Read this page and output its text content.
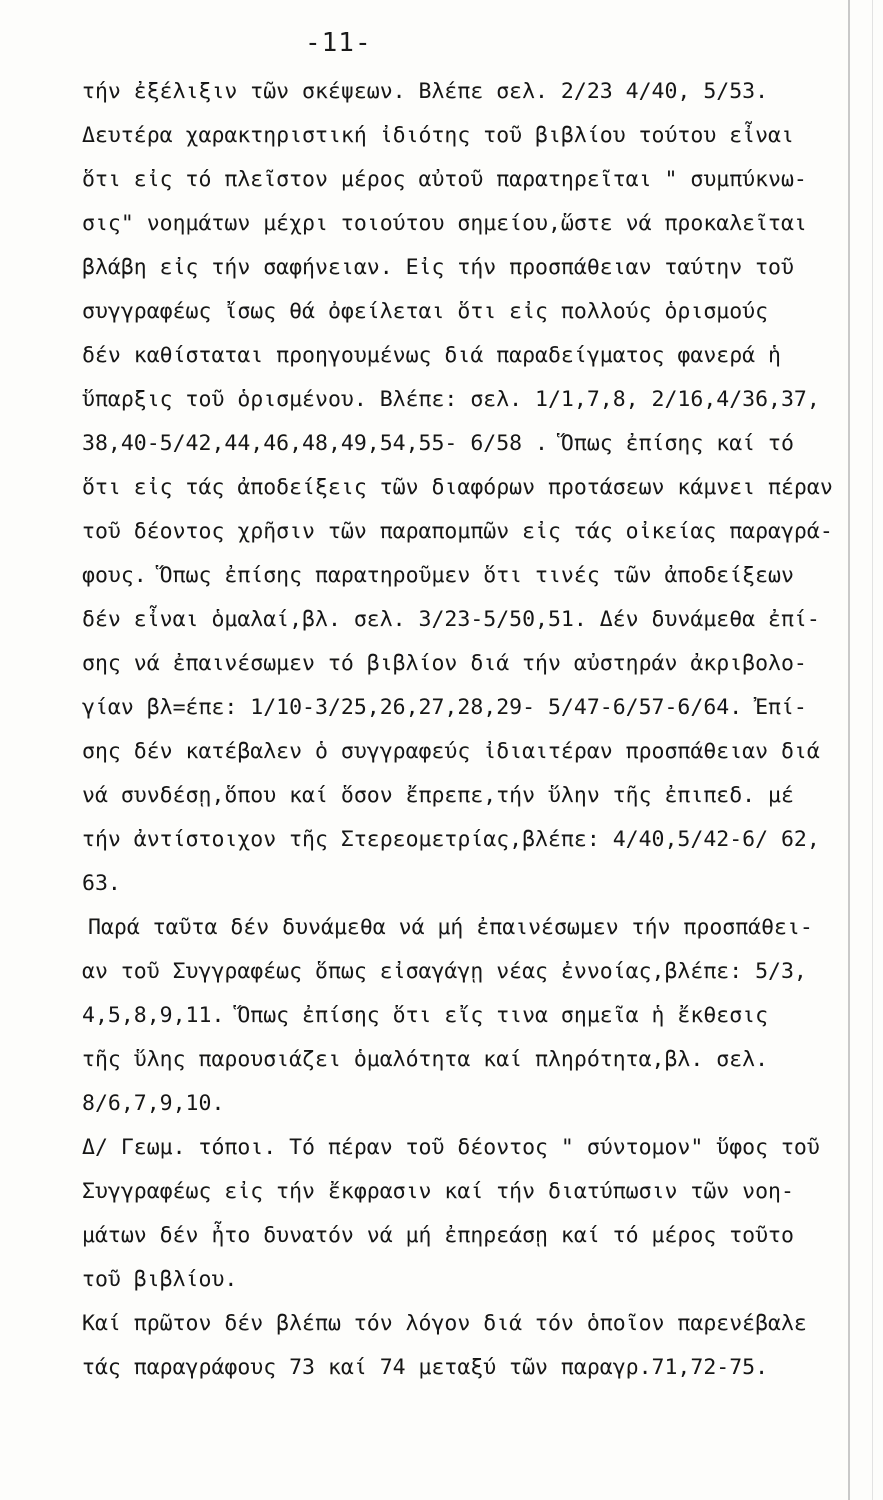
-11-
τήν ἐξέλιξιν τῶν σκέψεων. Βλέπε σελ. 2/23 4/40, 5/53.
Δευτέρα χαρακτηριστική ἰδιότης τοῦ βιβλίου τούτου εἶναι
ὅτι εἰς τό πλεῖστον μέρος αὐτοῦ παρατηρεῖται " συμπύκνω-
σις" νοημάτων μέχρι τοιούτου σημείου,ὥστε νά προκαλεῖται
βλάβη εἰς τήν σαφήνειαν. Εἰς τήν προσπάθειαν ταύτην τοῦ
συγγραφέως ἴσως θά ὀφείλεται ὅτι εἰς πολλούς ὁρισμούς
δέν καθίσταται προηγουμένως διά παραδείγματος φανερά ἡ
ὕπαρξις τοῦ ὁρισμένου. Βλέπε: σελ. 1/1,7,8, 2/16,4/36,37,
38,40-5/42,44,46,48,49,54,55- 6/58 . Ὅπως ἐπίσης καί τό
ὅτι εἰς τάς ἀποδείξεις τῶν διαφόρων προτάσεων κάμνει πέραν
τοῦ δέοντος χρῆσιν τῶν παραπομπῶν εἰς τάς οἰκείας παραγρά-
φους. Ὅπως ἐπίσης παρατηροῦμεν ὅτι τινές τῶν ἀποδείξεων
δέν εἶναι ὁμαλαί,βλ. σελ. 3/23-5/50,51. Δέν δυνάμεθα ἐπί-
σης νά ἐπαινέσωμεν τό βιβλίον διά τήν αὐστηράν ἀκριβολο-
γίαν βλ=έπε: 1/10-3/25,26,27,28,29- 5/47-6/57-6/64. Ἐπί-
σης δέν κατέβαλεν ὁ συγγραφεύς ἰδιαιτέραν προσπάθειαν διά
νά συνδέσῃ,ὅπου καί ὅσον ἔπρεπε,τήν ὕλην τῆς ἐπιπεδ. μέ
τήν ἀντίστοιχον τῆς Στερεομετρίας,βλέπε: 4/40,5/42-6/ 62,
63.
Παρά ταῦτα δέν δυνάμεθα νά μή ἐπαινέσωμεν τήν προσπάθει-
αν τοῦ Συγγραφέως ὅπως εἰσαγάγῃ νέας ἐννοίας,βλέπε: 5/3,
4,5,8,9,11. Ὅπως ἐπίσης ὅτι εἴς τινα σημεῖα ἡ ἔκθεσις
τῆς ὕλης παρουσιάζει ὁμαλότητα καί πληρότητα,βλ. σελ.
8/6,7,9,10.
Δ/ Γεωμ. τόποι. Τό πέραν τοῦ δέοντος " σύντομον" ὕφος τοῦ
Συγγραφέως εἰς τήν ἔκφρασιν καί τήν διατύπωσιν τῶν νοη-
μάτων δέν ἦτο δυνατόν νά μή ἐπηρεάσῃ καί τό μέρος τοῦτο
τοῦ βιβλίου.
Καί πρῶτον δέν βλέπω τόν λόγον διά τόν ὁποῖον παρενέβαλε
τάς παραγράφους 73 καί 74 μεταξύ τῶν παραγρ.71,72-75.
